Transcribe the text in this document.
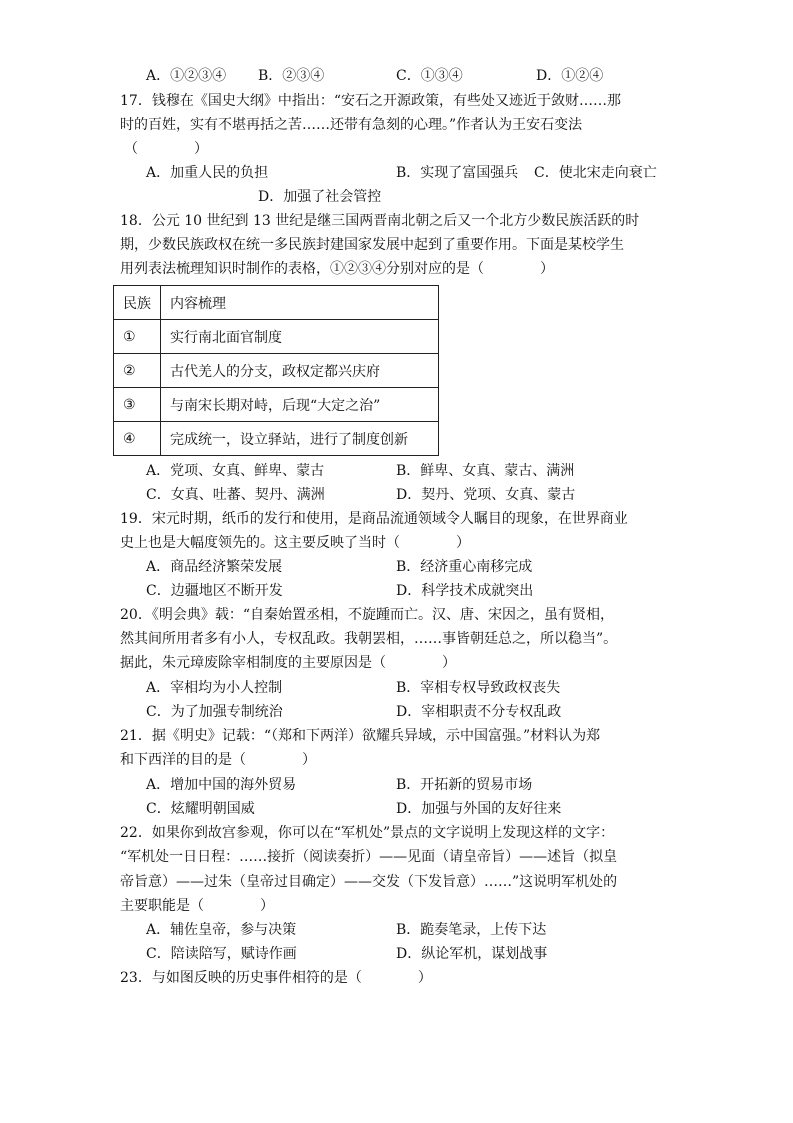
A．①②③④ B．②③④	C．①③④	D．①②④
17．钱穆在《国史大纲》中指出：“安石之开源政策，有些处又迹近于敛财……那
时的百姓，实有不堪再括之苦……还带有急刻的心理。”作者认为王安石变法
（　　　　）
A．加重人民的负担	B．实现了富国强兵 C．使北宋走向衰亡
D．加强了社会管控
18．公元 10 世纪到 13 世纪是继三国两晋南北朝之后又一个北方少数民族活跃的时
期，少数民族政权在统一多民族封建国家发展中起到了重要作用。下面是某校学生
用列表法梳理知识时制作的表格，①②③④分别对应的是（　　　　）
民族	内容梳理
①	实行南北面官制度
②	古代羌人的分支，政权定都兴庆府
③	与南宋长期对峙，后现“大定之治”
④	完成统一，设立驿站，进行了制度创新
A．党项、女真、鲜卑、蒙古	B．鲜卑、女真、蒙古、满洲
C．女真、吐蕃、契丹、满洲	D．契丹、党项、女真、蒙古
19．宋元时期，纸币的发行和使用，是商品流通领域令人瞩目的现象，在世界商业
史上也是大幅度领先的。这主要反映了当时（　　　　）
A．商品经济繁荣发展	B．经济重心南移完成
C．边疆地区不断开发	D．科学技术成就突出
20．《明会典》载：“自秦始置丞相，不旋踵而亡。汉、唐、宋因之，虽有贤相，
然其间所用者多有小人，专权乱政。我朝罢相，……事皆朝廷总之，所以稳当”。
据此，朱元璋废除宰相制度的主要原因是（　　　　）
A．宰相均为小人控制	B．宰相专权导致政权丧失
C．为了加强专制统治	D．宰相职责不分专权乱政
21．据《明史》记载：“（郑和下两洋）欲耀兵异域，示中国富强。”材料认为郑
和下西洋的目的是（　　　　）
A．增加中国的海外贸易	B．开拓新的贸易市场
C．炫耀明朝国威	D．加强与外国的友好往来
22．如果你到故宫参观，你可以在“军机处”景点的文字说明上发现这样的文字：
“军机处一日日程：……接折（阅读奏折）——见面（请皇帝旨）——述旨（拟皇
帝旨意）——过朱（皇帝过目确定）——交发（下发旨意）……”这说明军机处的
主要职能是（　　　　）
A．辅佐皇帝，参与决策	B．跪奏笔录，上传下达
C．陪读陪写，赋诗作画	D．纵论军机，谋划战事
23．与如图反映的历史事件相符的是（　　　　）
